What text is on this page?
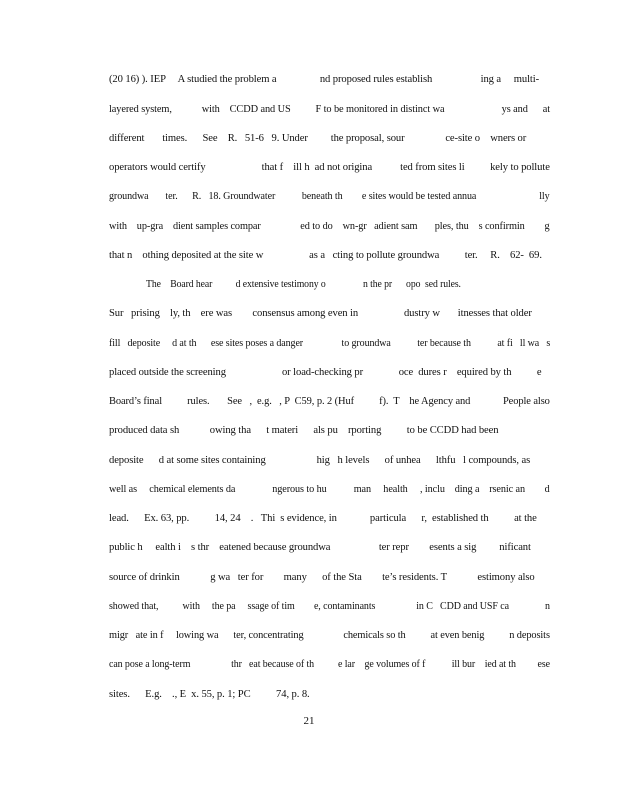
(20 16) ). IEP     A studied the problem a                 nd proposed rules establish                   ing a     multi-
layered system,            with    CCDD and US          F to be monitored in distinct wa                       ys and      at
different       times.      See    R.   51-6   9. Under         the proposal, sour                ce-site o    wners or
operators would certify                      that f    ill h  ad not origina           ted from sites li          kely to pollute
groundwa       ter.      R.   18. Groundwater           beneath th        e sites would be tested annua                          lly
with    up-gra    dient samples compar                ed to do    wn-gr   adient sam       ples, thu    s confirmin        g
that n    othing deposited at the site w                  as a   cting to pollute groundwa          ter.     R.    62-  69.
The    Board hear          d extensive testimony o                n the pr      opo  sed rules.
Sur   prising    ly, th    ere was        consensus among even in                  dustry w       itnesses that older
fill   deposite     d at th      ese sites poses a danger                to groundwa           ter because th           at fi   ll wa   s
placed outside the screening                      or load-checking pr              oce  dures r    equired by th          e
Board’s final          rules.       See   ,  e.g.   , P  C59, p. 2 (Huf          f).  T    he Agency and             People also
produced data sh            owing tha      t materi      als pu    rporting          to be CCDD had been
deposite      d at some sites containing                    hig   h levels      of unhea      lthfu   l compounds, as
well as     chemical elements da               ngerous to hu           man     health     , inclu    ding a    rsenic an        d
lead.      Ex. 63, pp.          14, 24    .   Thi  s evidence, in             particula      r,  established th          at the
public h     ealth i    s thr    eatened because groundwa                   ter repr        esents a sig         nificant
source of drinkin            g wa   ter for        many      of the Sta        te’s residents. T            estimony also
showed that,          with     the pa     ssage of tim        e, contaminants                 in C   CDD and USF ca               n
migr   ate in f     lowing wa      ter, concentrating                chemicals so th          at even benig          n deposits
can pose a long-term                 thr   eat because of th          e lar    ge volumes of f           ill bur    ied at th         ese
sites.      E.g.    ., E  x. 55, p. 1; PC          74, p. 8.
21
